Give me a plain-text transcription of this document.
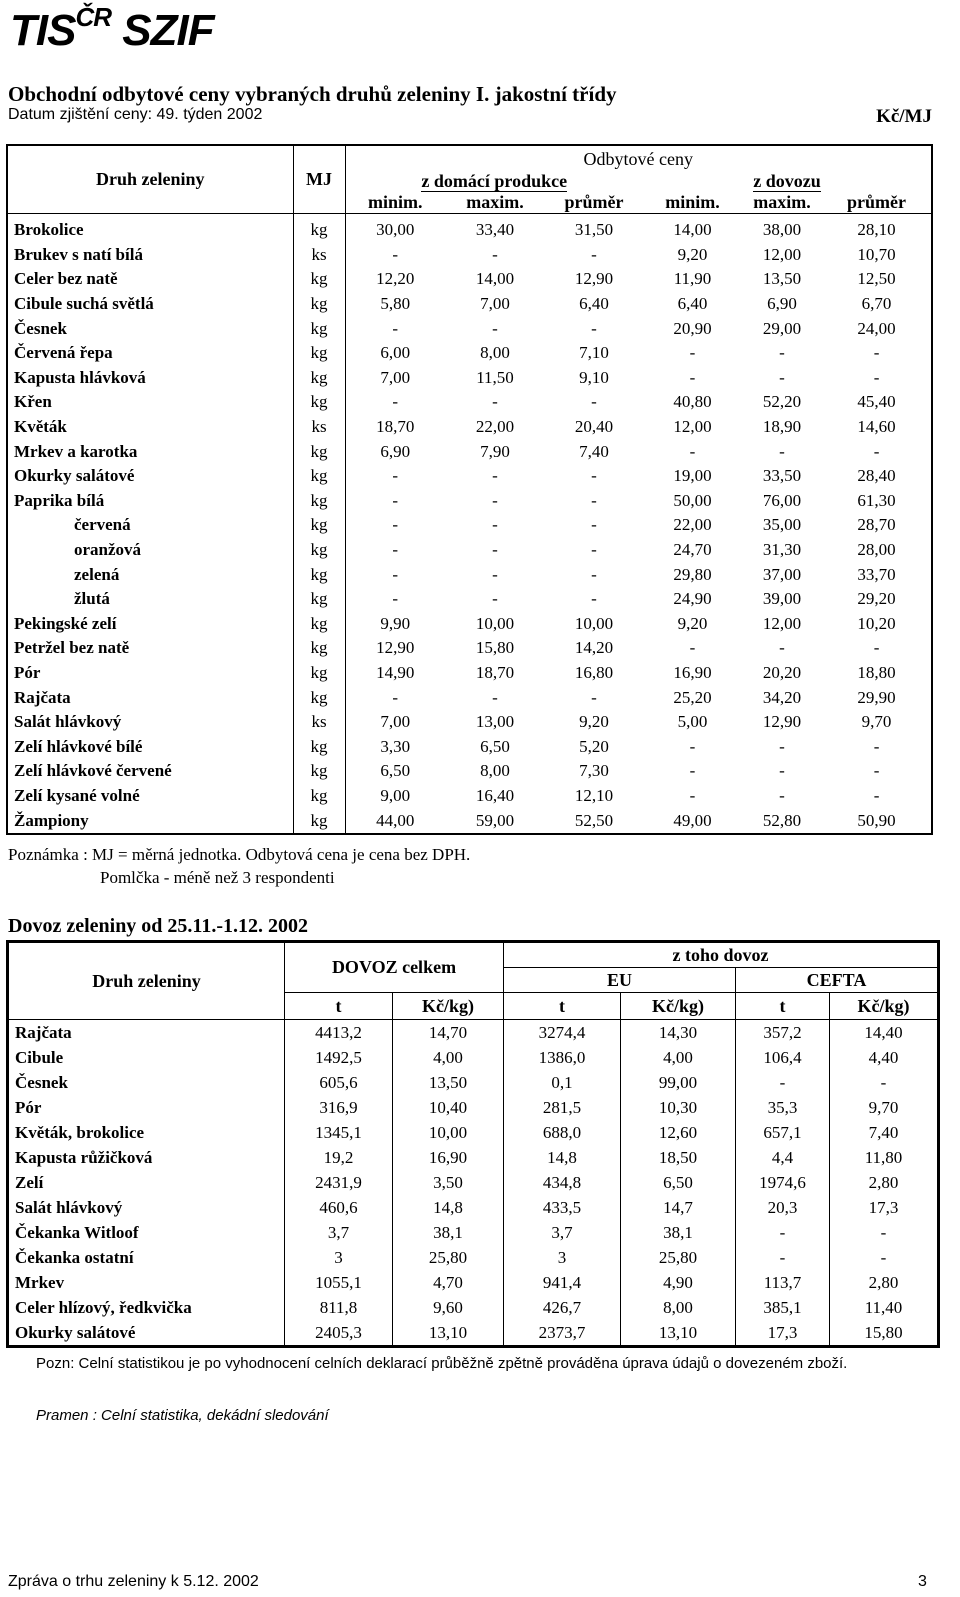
$TIS^{ČR}$ SZIF
Obchodní odbytové ceny vybraných druhů zeleniny I. jakostní třídy
Datum zjištění ceny: 49. týden 2002	Kč/MJ
Druh zeleniny	MJ	Odbytové ceny					
		z domácí produkce			z dovozu		
		minim.	maxim.	průměr	minim.	maxim.	průměr
Brokolice	kg	30,00	33,40	31,50	14,00	38,00	28,10
Brukev s natí bílá	ks	-	-	-	9,20	12,00	10,70
Celer bez natě	kg	12,20	14,00	12,90	11,90	13,50	12,50
Cibule suchá světlá	kg	5,80	7,00	6,40	6,40	6,90	6,70
Česnek	kg	-	-	-	20,90	29,00	24,00
Červená řepa	kg	6,00	8,00	7,10	-	-	-
Kapusta hlávková	kg	7,00	11,50	9,10	-	-	-
Křen	kg	-	-	-	40,80	52,20	45,40
Květák	ks	18,70	22,00	20,40	12,00	18,90	14,60
Mrkev a karotka	kg	6,90	7,90	7,40	-	-	-
Okurky salátové	kg	-	-	-	19,00	33,50	28,40
Paprika bílá	kg	-	-	-	50,00	76,00	61,30
červená	kg	-	-	-	22,00	35,00	28,70
oranžová	kg	-	-	-	24,70	31,30	28,00
zelená	kg	-	-	-	29,80	37,00	33,70
žlutá	kg	-	-	-	24,90	39,00	29,20
Pekingské zelí	kg	9,90	10,00	10,00	9,20	12,00	10,20
Petržel bez natě	kg	12,90	15,80	14,20	-	-	-
Pór	kg	14,90	18,70	16,80	16,90	20,20	18,80
Rajčata	kg	-	-	-	25,20	34,20	29,90
Salát hlávkový	ks	7,00	13,00	9,20	5,00	12,90	9,70
Zelí hlávkové bílé	kg	3,30	6,50	5,20	-	-	-
Zelí hlávkové červené	kg	6,50	8,00	7,30	-	-	-
Zelí kysané volné	kg	9,00	16,40	12,10	-	-	-
Žampiony	kg	44,00	59,00	52,50	49,00	52,80	50,90
Poznámka : MJ = měrná jednotka. Odbytová cena je cena bez DPH.
Pomlčka - méně než 3 respondenti
Dovoz zeleniny od 25.11.-1.12. 2002
Druh zeleniny	DOVOZ celkem		z toho dovoz			
			EU		CEFTA	
	t	Kč/kg)	t	Kč/kg)	t	Kč/kg)
Rajčata	4413,2	14,70	3274,4	14,30	357,2	14,40
Cibule	1492,5	4,00	1386,0	4,00	106,4	4,40
Česnek	605,6	13,50	0,1	99,00	-	-
Pór	316,9	10,40	281,5	10,30	35,3	9,70
Květák, brokolice	1345,1	10,00	688,0	12,60	657,1	7,40
Kapusta růžičková	19,2	16,90	14,8	18,50	4,4	11,80
Zelí	2431,9	3,50	434,8	6,50	1974,6	2,80
Salát hlávkový	460,6	14,8	433,5	14,7	20,3	17,3
Čekanka Witloof	3,7	38,1	3,7	38,1	-	-
Čekanka ostatní	3	25,80	3	25,80	-	-
Mrkev	1055,1	4,70	941,4	4,90	113,7	2,80
Celer hlízový, ředkvička	811,8	9,60	426,7	8,00	385,1	11,40
Okurky salátové	2405,3	13,10	2373,7	13,10	17,3	15,80
Pozn: Celní statistikou je po vyhodnocení celních deklarací průběžně zpětně prováděna úprava údajů o dovezeném zboží.
Pramen : Celní statistika, dekádní sledování
Zpráva o trhu zeleniny k 5.12. 2002	3
